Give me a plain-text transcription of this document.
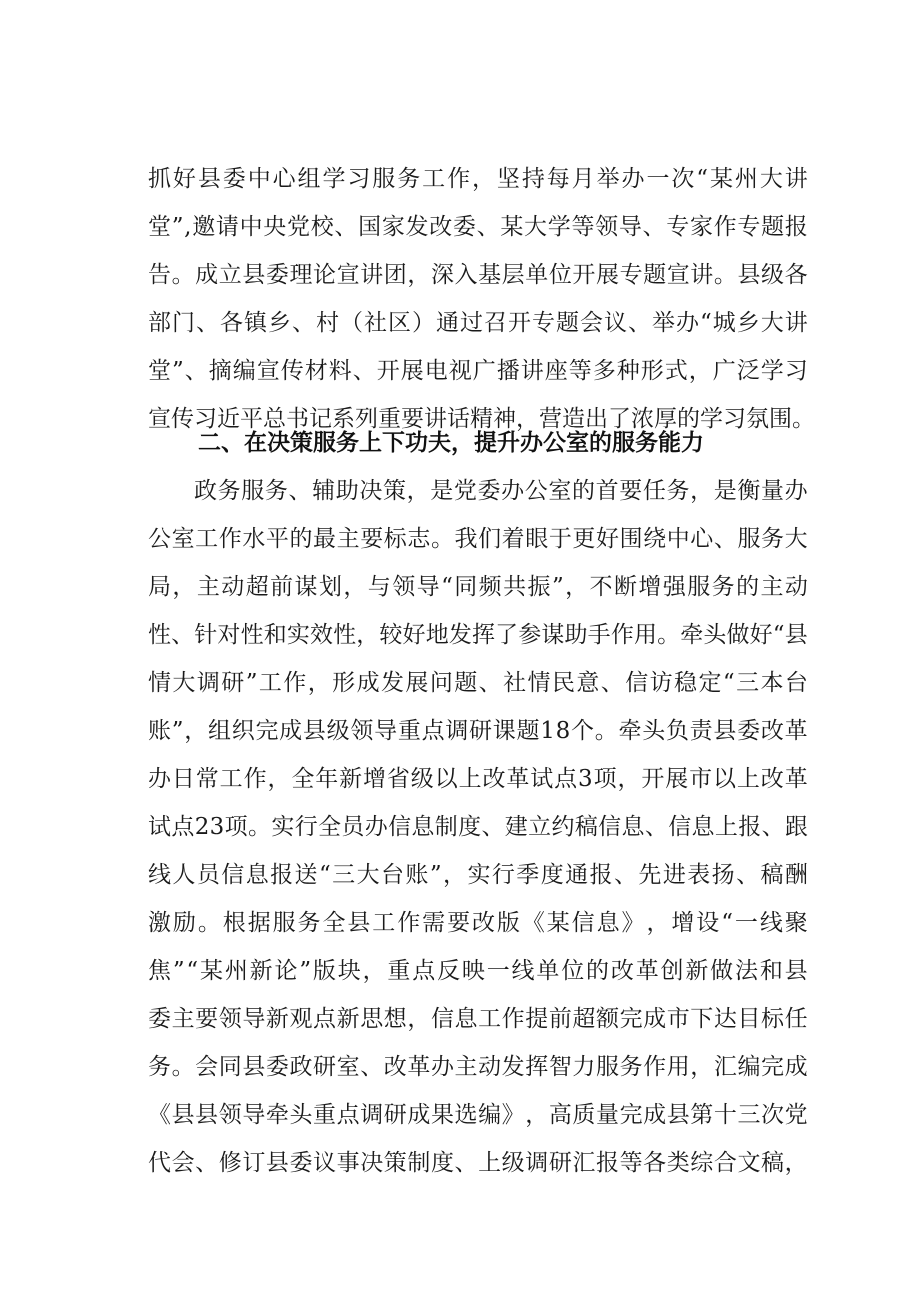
抓 好 县 委 中 心 组 学 习 服 务 工 作 ， 坚 持 每 月 举 办 一 次 “ 某 州 大 讲
堂 ” , 邀 请 中 央 党 校 、 国 家 发 改 委 、 某 大 学 等 领 导 、 专 家 作 专 题 报
告 。 成 立 县 委 理 论 宣 讲 团 ， 深 入 基 层 单 位 开 展 专 题 宣 讲 。 县 级 各
部 门 、 各 镇 乡 、 村 （ 社 区 ） 通 过 召 开 专 题 会 议 、 举 办 “ 城 乡 大 讲
堂 ” 、 摘 编 宣 传 材 料 、 开 展 电 视 广 播 讲 座 等 多 种 形 式 ， 广 泛 学 习
宣 传 习 近 平 总 书 记 系 列 重 要 讲 话 精 神 ， 营 造 出 了 浓 厚 的 学 习 氛 围 。
二、在决策服务上下功夫，提升办公室的服务能力
政 务 服 务 、 辅 助 决 策 ， 是 党 委 办 公 室 的 首 要 任 务 ， 是 衡 量 办
公 室 工 作 水 平 的 最 主 要 标 志 。 我 们 着 眼 于 更 好 围 绕 中 心 、 服 务 大
局 ， 主 动 超 前 谋 划 ， 与 领 导 “ 同 频 共 振 ” ， 不 断 增 强 服 务 的 主 动
性 、 针 对 性 和 实 效 性 ， 较 好 地 发 挥 了 参 谋 助 手 作 用 。 牵 头 做 好 “ 县
情 大 调 研 ” 工 作 ， 形 成 发 展 问 题 、 社 情 民 意 、 信 访 稳 定 “ 三 本 台
账 ” ， 组 织 完 成 县 级 领 导 重 点 调 研 课 题 1 8 个 。 牵 头 负 责 县 委 改 革
办 日 常 工 作 ， 全 年 新 增 省 级 以 上 改 革 试 点 3 项 ， 开 展 市 以 上 改 革
试 点 2 3 项 。 实 行 全 员 办 信 息 制 度 、 建 立 约 稿 信 息 、 信 息 上 报 、 跟
线 人 员 信 息 报 送 “ 三 大 台 账 ” ， 实 行 季 度 通 报 、 先 进 表 扬 、 稿 酬
激 励 。 根 据 服 务 全 县 工 作 需 要 改 版 《 某 信 息 》 ， 增 设 “ 一 线 聚
焦 ” “ 某 州 新 论 ” 版 块 ， 重 点 反 映 一 线 单 位 的 改 革 创 新 做 法 和 县
委 主 要 领 导 新 观 点 新 思 想 ， 信 息 工 作 提 前 超 额 完 成 市 下 达 目 标 任
务 。 会 同 县 委 政 研 室 、 改 革 办 主 动 发 挥 智 力 服 务 作 用 ， 汇 编 完 成
《 县 县 领 导 牵 头 重 点 调 研 成 果 选 编 》 ， 高 质 量 完 成 县 第 十 三 次 党
代 会 、 修 订 县 委 议 事 决 策 制 度 、 上 级 调 研 汇 报 等 各 类 综 合 文 稿 ，
